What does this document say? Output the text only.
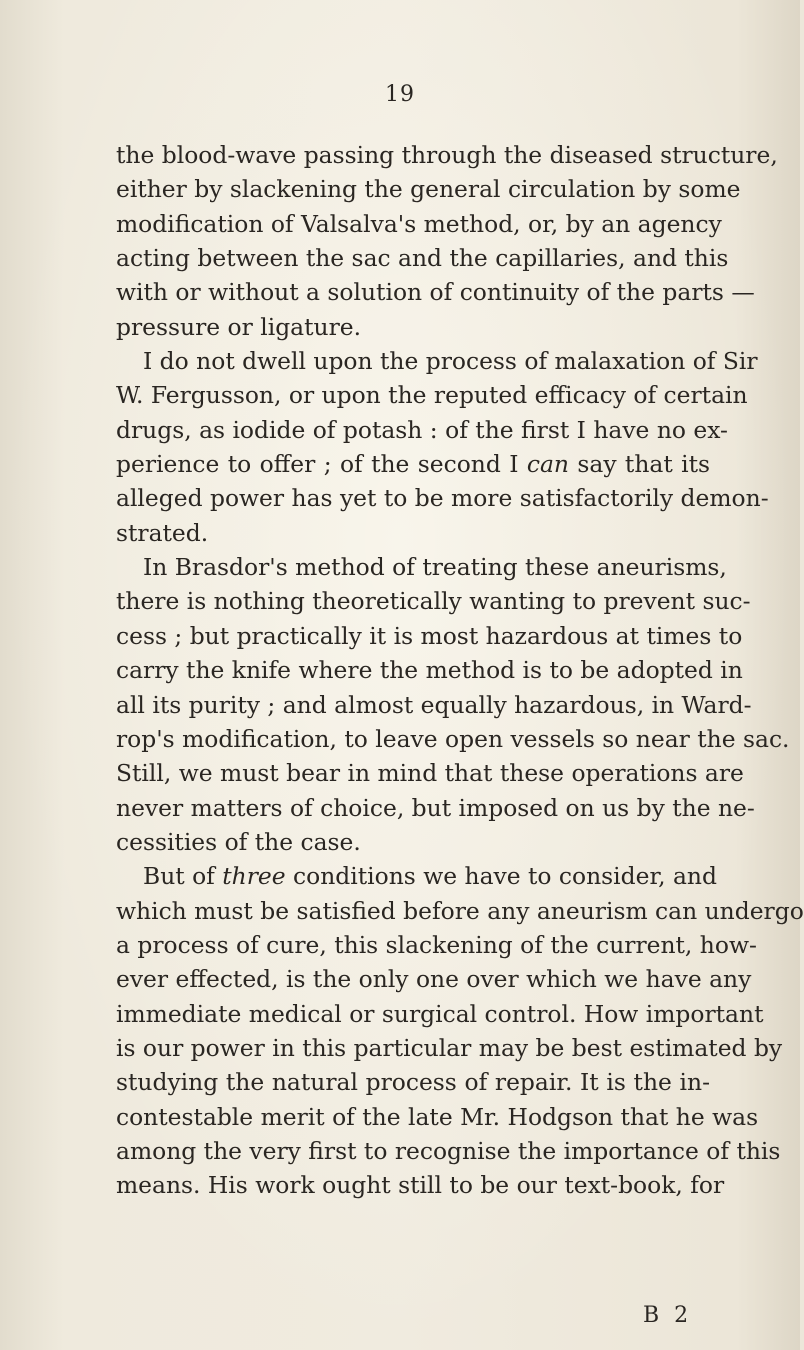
19
the blood-wave passing through the diseased structure,
either by slackening the general circulation by some
modification of Valsalva's method, or, by an agency
acting between the sac and the capillaries, and this
with or without a solution of continuity of the parts —
pressure or ligature.
I do not dwell upon the process of malaxation of Sir
W. Fergusson, or upon the reputed efficacy of certain
drugs, as iodide of potash : of the first I have no ex-
perience to offer ; of the second I can say that its
alleged power has yet to be more satisfactorily demon-
strated.
In Brasdor's method of treating these aneurisms,
there is nothing theoretically wanting to prevent suc-
cess ; but practically it is most hazardous at times to
carry the knife where the method is to be adopted in
all its purity ; and almost equally hazardous, in Ward-
rop's modification, to leave open vessels so near the sac.
Still, we must bear in mind that these operations are
never matters of choice, but imposed on us by the ne-
cessities of the case.
But of three conditions we have to consider, and
which must be satisfied before any aneurism can undergo
a process of cure, this slackening of the current, how-
ever effected, is the only one over which we have any
immediate medical or surgical control. How important
is our power in this particular may be best estimated by
studying the natural process of repair. It is the in-
contestable merit of the late Mr. Hodgson that he was
among the very first to recognise the importance of this
means. His work ought still to be our text-book, for
B 2
